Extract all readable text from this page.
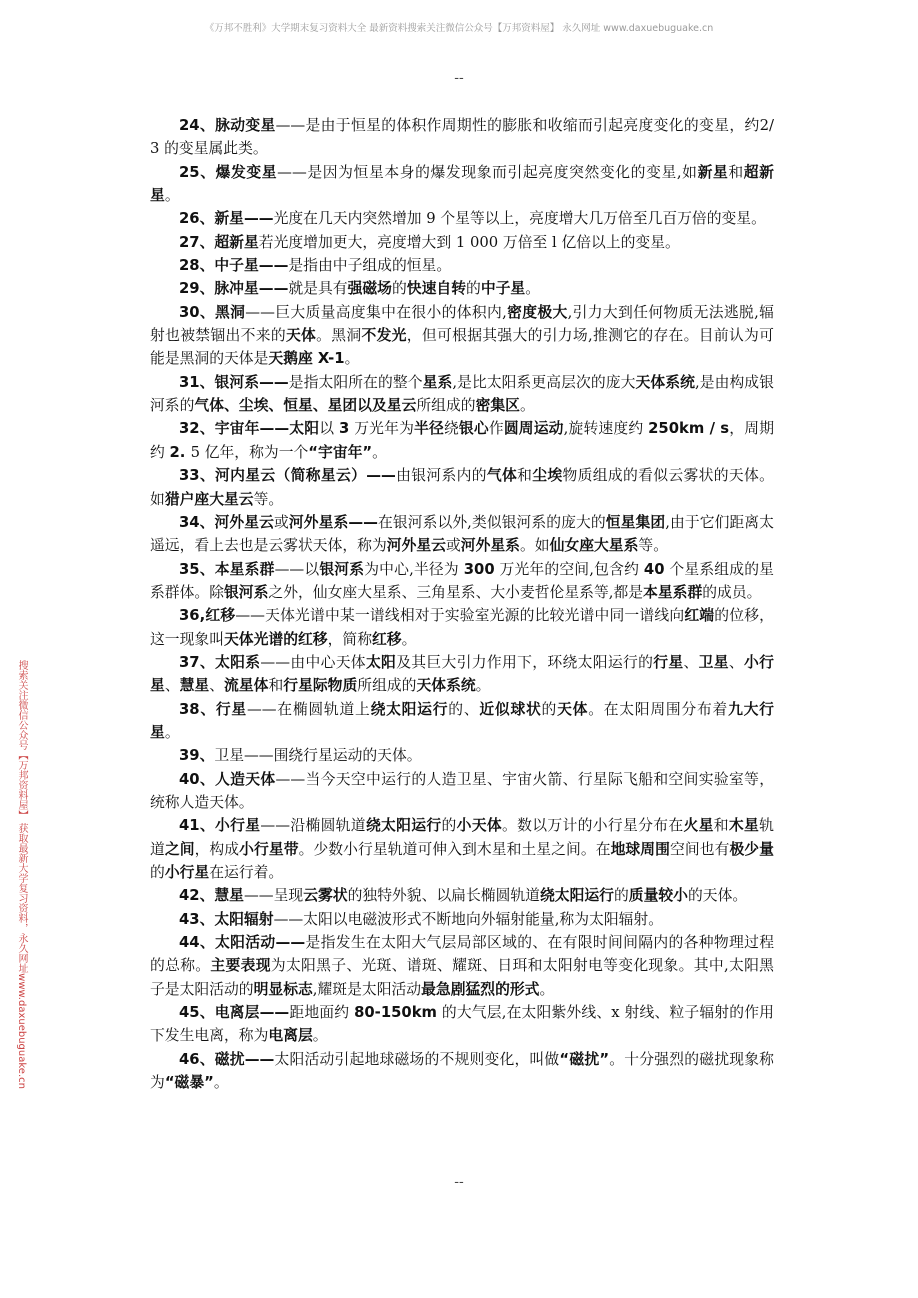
《万邦不胜利》大学期末复习资料大全 最新资料搜索关注微信公众号【万邦资料屋】 永久网址 www.daxuebuguake.cn
--
搜索关注微信公众号【万邦资料屋】 获取最新大学复习资料，永久网址www.daxuebuguake.cn

24、脉动变星——是由于恒星的体积作周期性的膨胀和收缩而引起亮度变化的变星，约2/ 3 的变星属此类。

25、爆发变星——是因为恒星本身的爆发现象而引起亮度突然变化的变星,如新星和超新星。

26、新星——光度在几天内突然增加 9 个星等以上，亮度增大几万倍至几百万倍的变星。

27、超新星若光度增加更大，亮度增大到 1 000 万倍至 l 亿倍以上的变星。

28、中子星——是指由中子组成的恒星。

29、脉冲星——就是具有强磁场的快速自转的中子星。

30、黑洞——巨大质量高度集中在很小的体积内,密度极大,引力大到任何物质无法逃脱,辐射也被禁锢出不来的天体。黑洞不发光，但可根据其强大的引力场,推测它的存在。目前认为可能是黑洞的天体是天鹅座 X-1。

31、银河系——是指太阳所在的整个星系,是比太阳系更高层次的庞大天体系统,是由构成银河系的气体、尘埃、恒星、星团以及星云所组成的密集区。

32、宇宙年——太阳以 3 万光年为半径绕银心作圆周运动,旋转速度约 250km / s，周期约 2. 5 亿年，称为一个“宇宙年”。

33、河内星云（简称星云）——由银河系内的气体和尘埃物质组成的看似云雾状的天体。如猎户座大星云等。

34、河外星云或河外星系——在银河系以外,类似银河系的庞大的恒星集团,由于它们距离太遥远，看上去也是云雾状天体，称为河外星云或河外星系。如仙女座大星系等。

35、本星系群——以银河系为中心,半径为 300 万光年的空间,包含约 40 个星系组成的星系群体。除银河系之外，仙女座大星系、三角星系、大小麦哲伦星系等,都是本星系群的成员。

36,红移——天体光谱中某一谱线相对于实验室光源的比较光谱中同一谱线向红端的位移，这一现象叫天体光谱的红移，简称红移。

37、太阳系——由中心天体太阳及其巨大引力作用下，环绕太阳运行的行星、卫星、小行星、慧星、流星体和行星际物质所组成的天体系统。

38、行星——在椭圆轨道上绕太阳运行的、近似球状的天体。在太阳周围分布着九大行星。

39、卫星——围绕行星运动的天体。

40、人造天体——当今天空中运行的人造卫星、宇宙火箭、行星际飞船和空间实验室等，统称人造天体。

41、小行星——沿椭圆轨道绕太阳运行的小天体。数以万计的小行星分布在火星和木星轨道之间，构成小行星带。少数小行星轨道可伸入到木星和土星之间。在地球周围空间也有极少量的小行星在运行着。

42、慧星——呈现云雾状的独特外貌、以扁长椭圆轨道绕太阳运行的质量较小的天体。

43、太阳辐射——太阳以电磁波形式不断地向外辐射能量,称为太阳辐射。

44、太阳活动——是指发生在太阳大气层局部区域的、在有限时间间隔内的各种物理过程的总称。主要表现为太阳黑子、光斑、谱斑、耀斑、日珥和太阳射电等变化现象。其中,太阳黑子是太阳活动的明显标志,耀斑是太阳活动最急剧猛烈的形式。

45、电离层——距地面约 80-150km 的大气层,在太阳紫外线、x 射线、粒子辐射的作用下发生电离，称为电离层。

46、磁扰——太阳活动引起地球磁场的不规则变化，叫做“磁扰”。十分强烈的磁扰现象称为“磁暴”。

--
